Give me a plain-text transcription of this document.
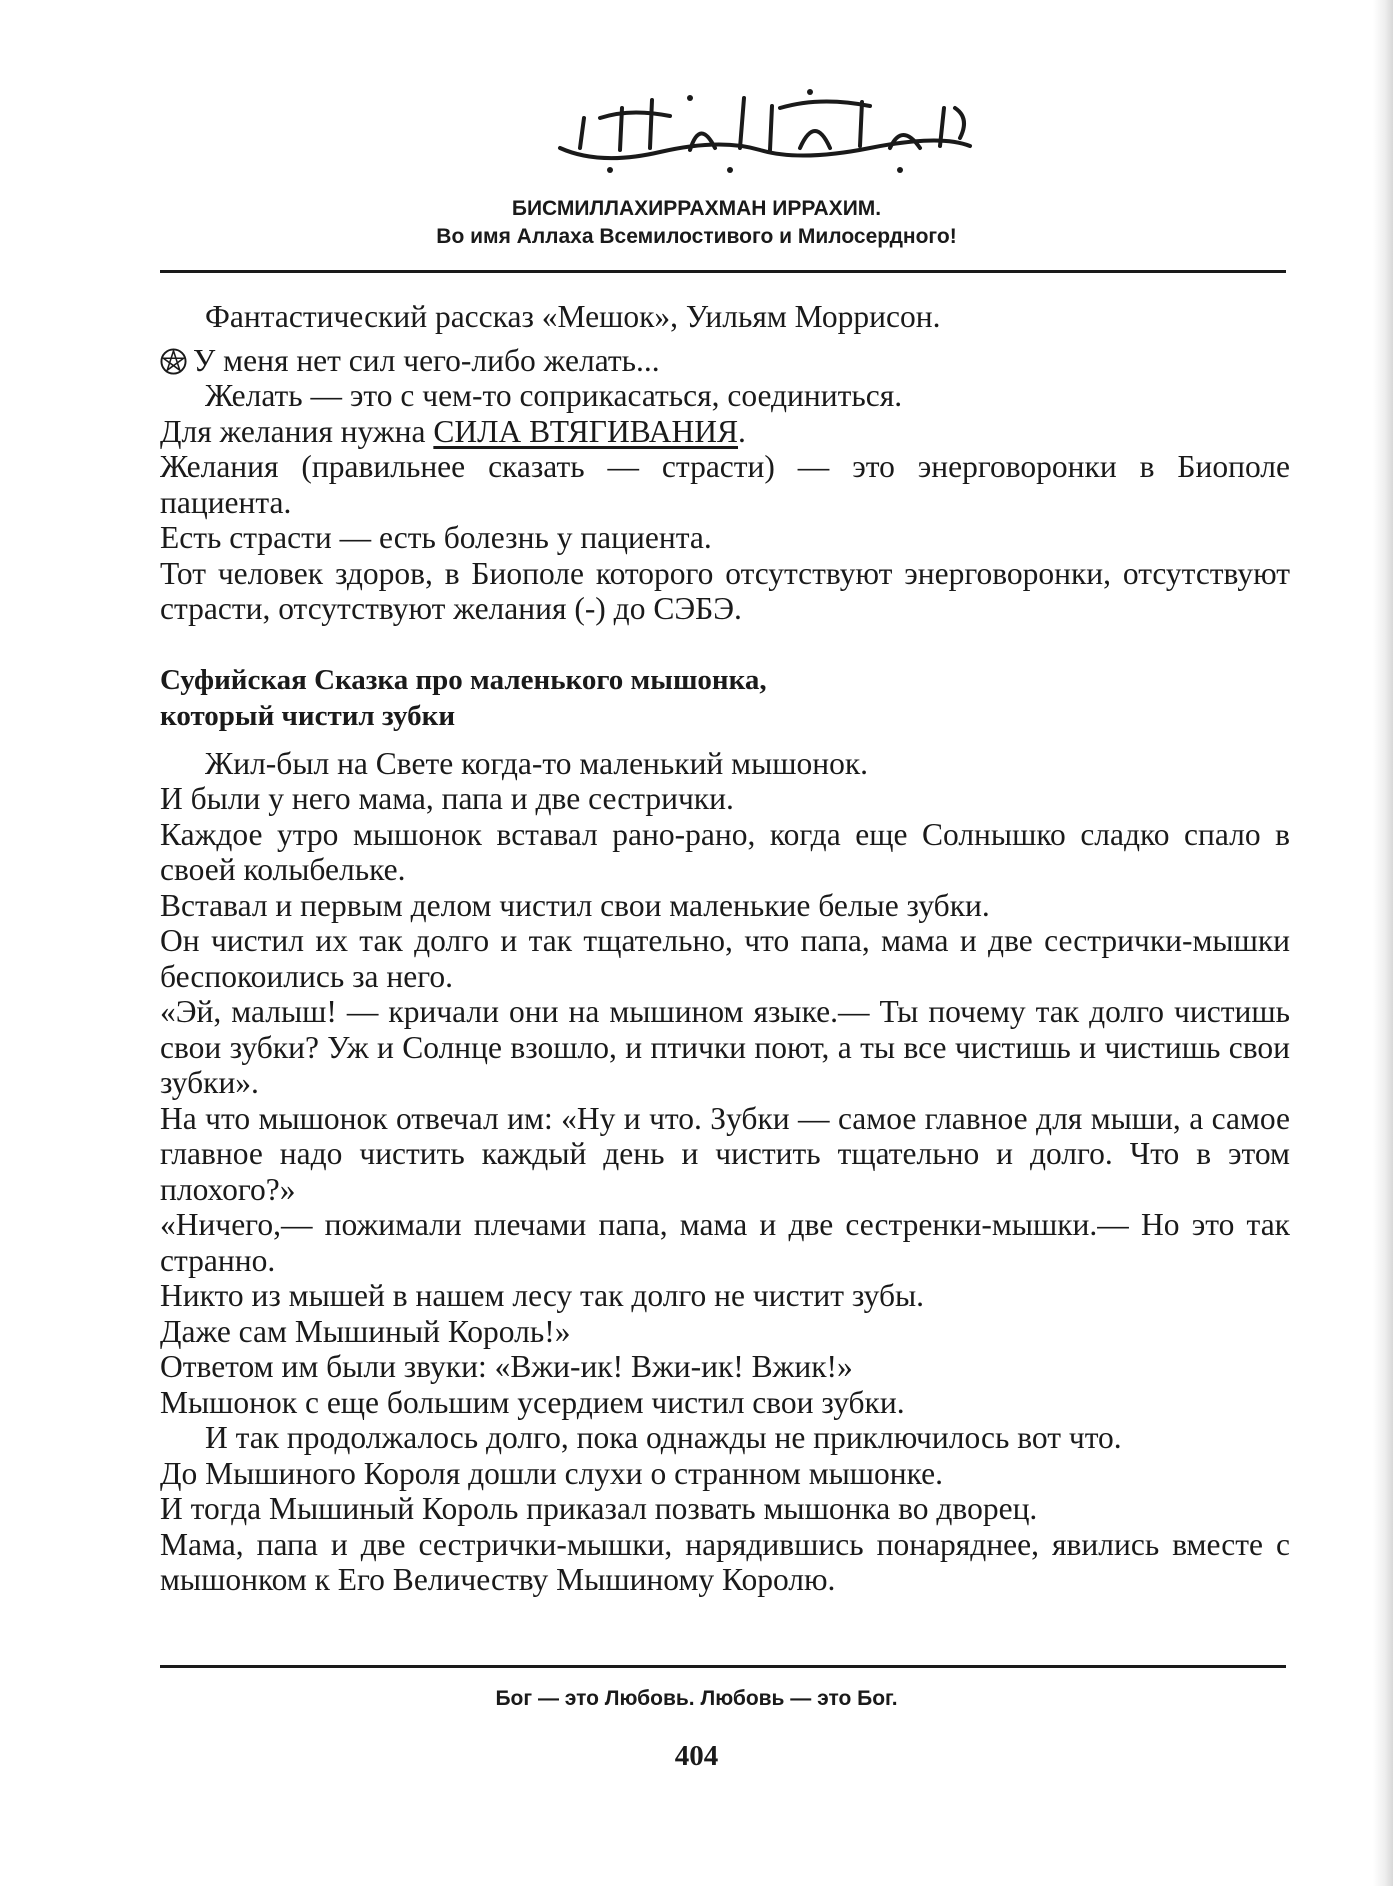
БИСМИЛЛАХИРРАХМАН ИРРАХИМ.
Во имя Аллаха Всемилостивого и Милосердного!

Фантастический рассказ «Мешок», Уильям Моррисон.

У меня нет сил чего-либо желать...

Желать — это с чем-то соприкасаться, соединиться.

Для желания нужна СИЛА ВТЯГИВАНИЯ.

Желания (правильнее сказать — страсти) — это энерговоронки в Биополе пациента.

Есть страсти — есть болезнь у пациента.

Тот человек здоров, в Биополе которого отсутствуют энерговоронки, отсутствуют страсти, отсутствуют желания (-) до СЭБЭ.

Суфийская Сказка про маленького мышонка,

который чистил зубки

Жил-был на Свете когда-то маленький мышонок.

И были у него мама, папа и две сестрички.

Каждое утро мышонок вставал рано-рано, когда еще Солнышко сладко спало в своей колыбельке.

Вставал и первым делом чистил свои маленькие белые зубки.

Он чистил их так долго и так тщательно, что папа, мама и две сестрички-мышки беспокоились за него.

«Эй, малыш! — кричали они на мышином языке.— Ты почему так долго чистишь свои зубки? Уж и Солнце взошло, и птички поют, а ты все чистишь и чистишь свои зубки».

На что мышонок отвечал им: «Ну и что. Зубки — самое главное для мыши, а самое главное надо чистить каждый день и чистить тщательно и долго. Что в этом плохого?»

«Ничего,— пожимали плечами папа, мама и две сестренки-мышки.— Но это так странно.

Никто из мышей в нашем лесу так долго не чистит зубы.

Даже сам Мышиный Король!»

Ответом им были звуки: «Вжи-ик! Вжи-ик! Вжик!»

Мышонок с еще большим усердием чистил свои зубки.

И так продолжалось долго, пока однажды не приключилось вот что.

До Мышиного Короля дошли слухи о странном мышонке.

И тогда Мышиный Король приказал позвать мышонка во дворец.

Мама, папа и две сестрички-мышки, нарядившись понаряднее, явились вместе с мышонком к Его Величеству Мышиному Королю.

Бог — это Любовь. Любовь — это Бог.
404
